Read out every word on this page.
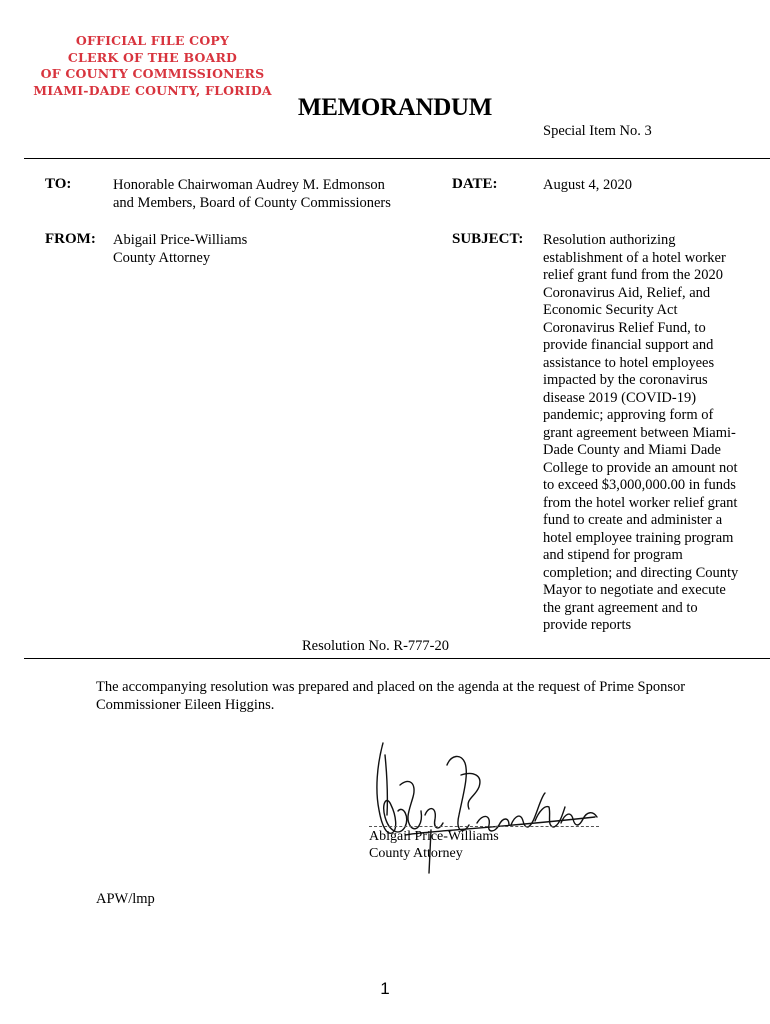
OFFICIAL FILE COPY
CLERK OF THE BOARD
OF COUNTY COMMISSIONERS
MIAMI-DADE COUNTY, FLORIDA
MEMORANDUM
Special Item No. 3
TO:	Honorable Chairwoman Audrey M. Edmonson
and Members, Board of County Commissioners
DATE:	August 4, 2020
FROM: Abigail Price-Williams
County Attorney
SUBJECT: Resolution authorizing
establishment of a hotel worker
relief grant fund from the 2020
Coronavirus Aid, Relief, and
Economic Security Act
Coronavirus Relief Fund, to
provide financial support and
assistance to hotel employees
impacted by the coronavirus
disease 2019 (COVID-19)
pandemic; approving form of
grant agreement between Miami-
Dade County and Miami Dade
College to provide an amount not
to exceed $3,000,000.00 in funds
from the hotel worker relief grant
fund to create and administer a
hotel employee training program
and stipend for program
completion; and directing County
Mayor to negotiate and execute
the grant agreement and to
provide reports
Resolution No. R-777-20
The accompanying resolution was prepared and placed on the agenda at the request of Prime Sponsor Commissioner Eileen Higgins.
Abigail Price-Williams
County Attorney
APW/lmp
1
